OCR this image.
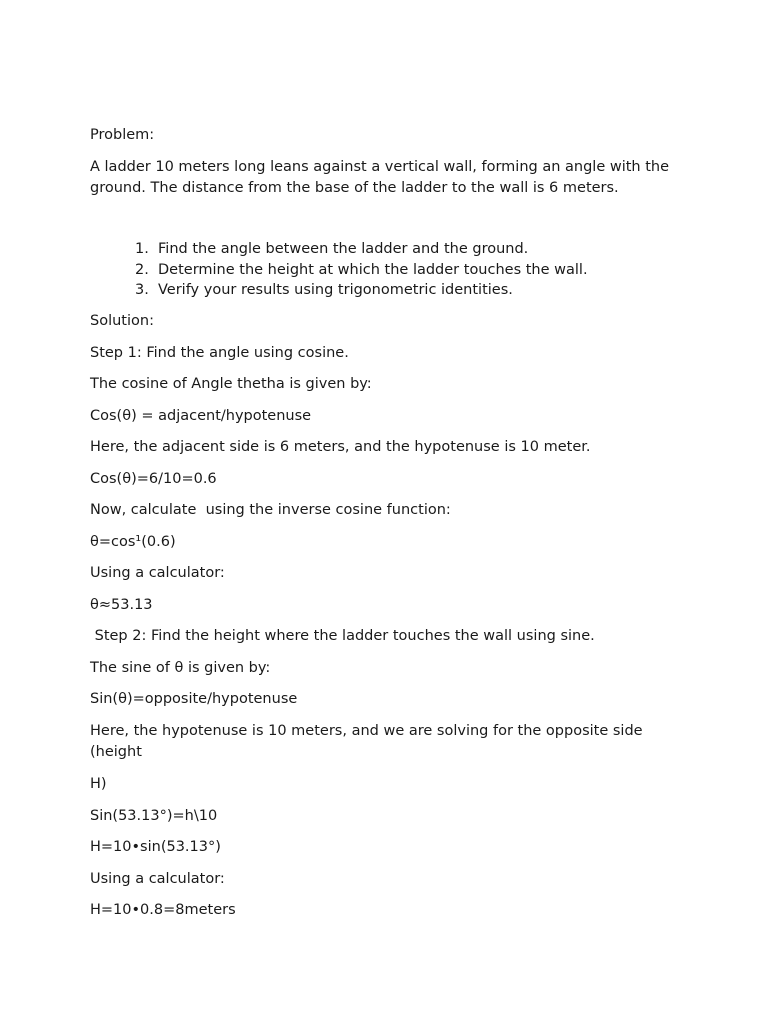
Problem:

A ladder 10 meters long leans against a vertical wall, forming an angle with the ground. The distance from the base of the ladder to the wall is 6 meters.

1. Find the angle between the ladder and the ground.
2. Determine the height at which the ladder touches the wall.
3. Verify your results using trigonometric identities.

Solution:

Step 1: Find the angle using cosine.

The cosine of Angle thetha is given by:

Cos(θ) = adjacent/hypotenuse

Here, the adjacent side is 6 meters, and the hypotenuse is 10 meter.

Cos(θ)=6/10=0.6

Now, calculate  using the inverse cosine function:

θ=cos¹(0.6)

Using a calculator:

θ≈53.13

Step 2: Find the height where the ladder touches the wall using sine.

The sine of θ is given by:

Sin(θ)=opposite/hypotenuse

Here, the hypotenuse is 10 meters, and we are solving for the opposite side (height

H)

Sin(53.13°)=h\10

H=10•sin(53.13°)

Using a calculator:

H=10•0.8=8meters
